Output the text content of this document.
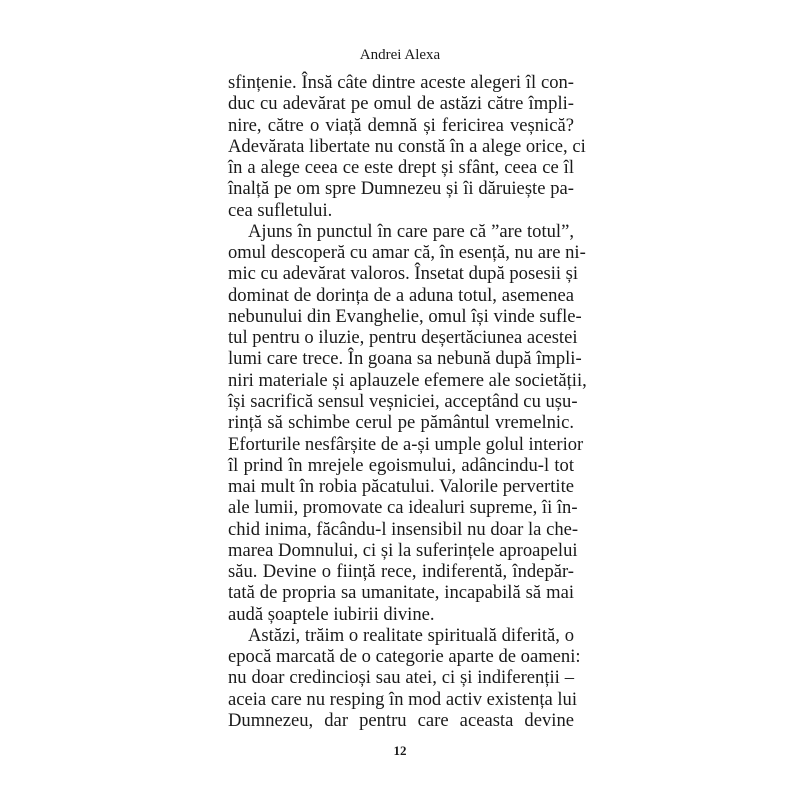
Andrei Alexa
sfințenie. Însă câte dintre aceste alegeri îl con-
duc cu adevărat pe omul de astăzi către împli-
nire, către o viață demnă și fericirea veșnică?
Adevărata libertate nu constă în a alege orice, ci
în a alege ceea ce este drept și sfânt, ceea ce îl
înalță pe om spre Dumnezeu și îi dăruiește pa-
cea sufletului.
Ajuns în punctul în care pare că ”are totul”,
omul descoperă cu amar că, în esență, nu are ni-
mic cu adevărat valoros. Însetat după posesii și
dominat de dorința de a aduna totul, asemenea
nebunului din Evanghelie, omul își vinde sufle-
tul pentru o iluzie, pentru deșertăciunea acestei
lumi care trece. În goana sa nebună după împli-
niri materiale și aplauzele efemere ale societății,
își sacrifică sensul veșniciei, acceptând cu ușu-
rință să schimbe cerul pe pământul vremelnic.
Eforturile nesfârșite de a-și umple golul interior
îl prind în mrejele egoismului, adâncindu-l tot
mai mult în robia păcatului. Valorile pervertite
ale lumii, promovate ca idealuri supreme, îi în-
chid inima, făcându-l insensibil nu doar la che-
marea Domnului, ci și la suferințele aproapelui
său. Devine o ființă rece, indiferentă, îndepăr-
tată de propria sa umanitate, incapabilă să mai
audă șoaptele iubirii divine.
Astăzi, trăim o realitate spirituală diferită, o
epocă marcată de o categorie aparte de oameni:
nu doar credincioși sau atei, ci și indiferenții –
aceia care nu resping în mod activ existența lui
Dumnezeu, dar pentru care aceasta devine
12
